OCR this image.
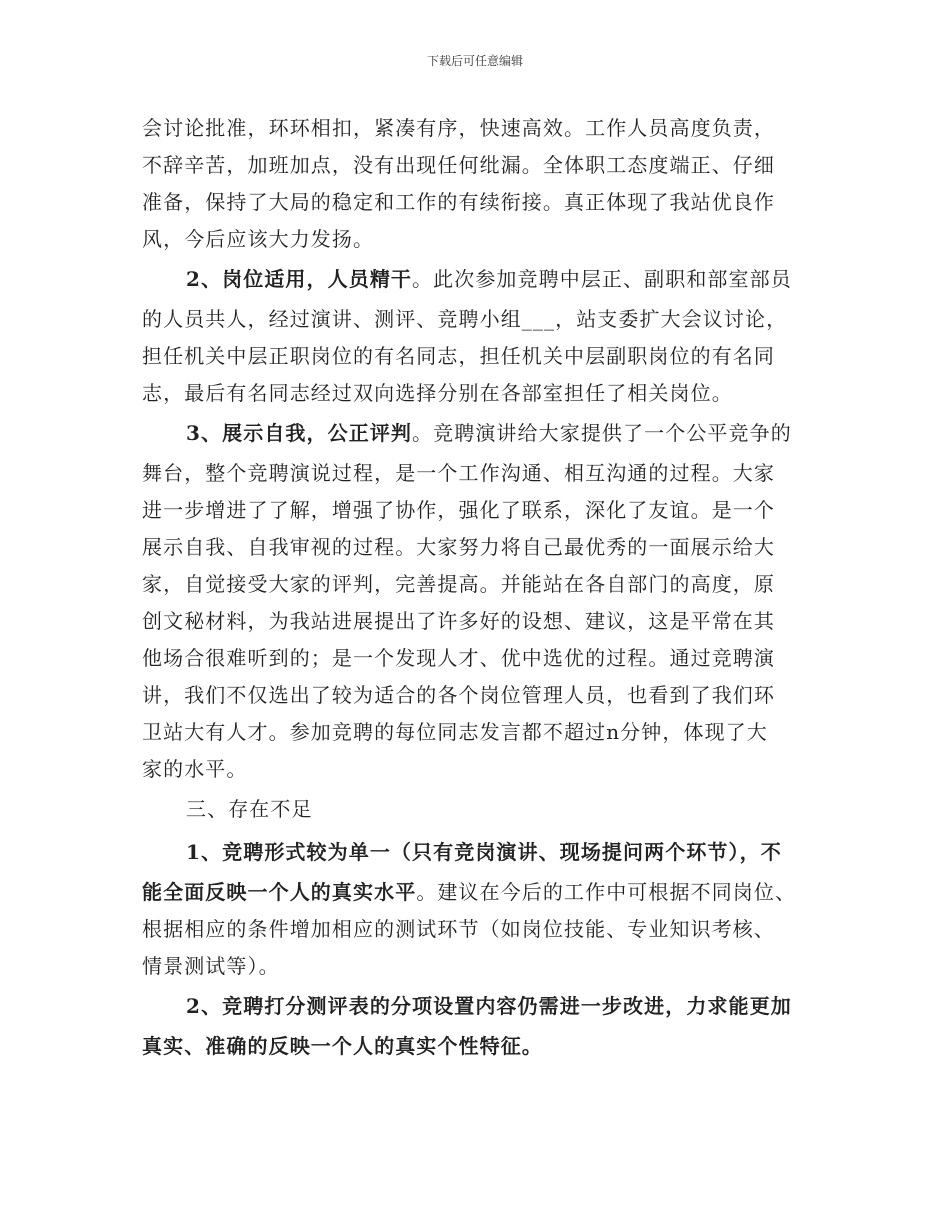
下载后可任意编辑
会讨论批准，环环相扣，紧凑有序，快速高效。工作人员高度负责，
不辞辛苦，加班加点，没有出现任何纰漏。全体职工态度端正、仔细
准备，保持了大局的稳定和工作的有续衔接。真正体现了我站优良作
风，今后应该大力发扬。
2、岗位适用，人员精干。此次参加竞聘中层正、副职和部室部员
的人员共人，经过演讲、测评、竞聘小组___，站支委扩大会议讨论，
担任机关中层正职岗位的有名同志，担任机关中层副职岗位的有名同
志，最后有名同志经过双向选择分别在各部室担任了相关岗位。
3、展示自我，公正评判。竞聘演讲给大家提供了一个公平竞争的
舞台，整个竞聘演说过程，是一个工作沟通、相互沟通的过程。大家
进一步增进了了解，增强了协作，强化了联系，深化了友谊。是一个
展示自我、自我审视的过程。大家努力将自己最优秀的一面展示给大
家，自觉接受大家的评判，完善提高。并能站在各自部门的高度，原
创文秘材料，为我站进展提出了许多好的设想、建议，这是平常在其
他场合很难听到的；是一个发现人才、优中选优的过程。通过竞聘演
讲，我们不仅选出了较为适合的各个岗位管理人员，也看到了我们环
卫站大有人才。参加竞聘的每位同志发言都不超过n分钟，体现了大
家的水平。
三、存在不足
1、竞聘形式较为单一（只有竞岗演讲、现场提问两个环节），不
能全面反映一个人的真实水平。建议在今后的工作中可根据不同岗位、
根据相应的条件增加相应的测试环节（如岗位技能、专业知识考核、
情景测试等）。
2、竞聘打分测评表的分项设置内容仍需进一步改进，力求能更加
真实、准确的反映一个人的真实个性特征。
